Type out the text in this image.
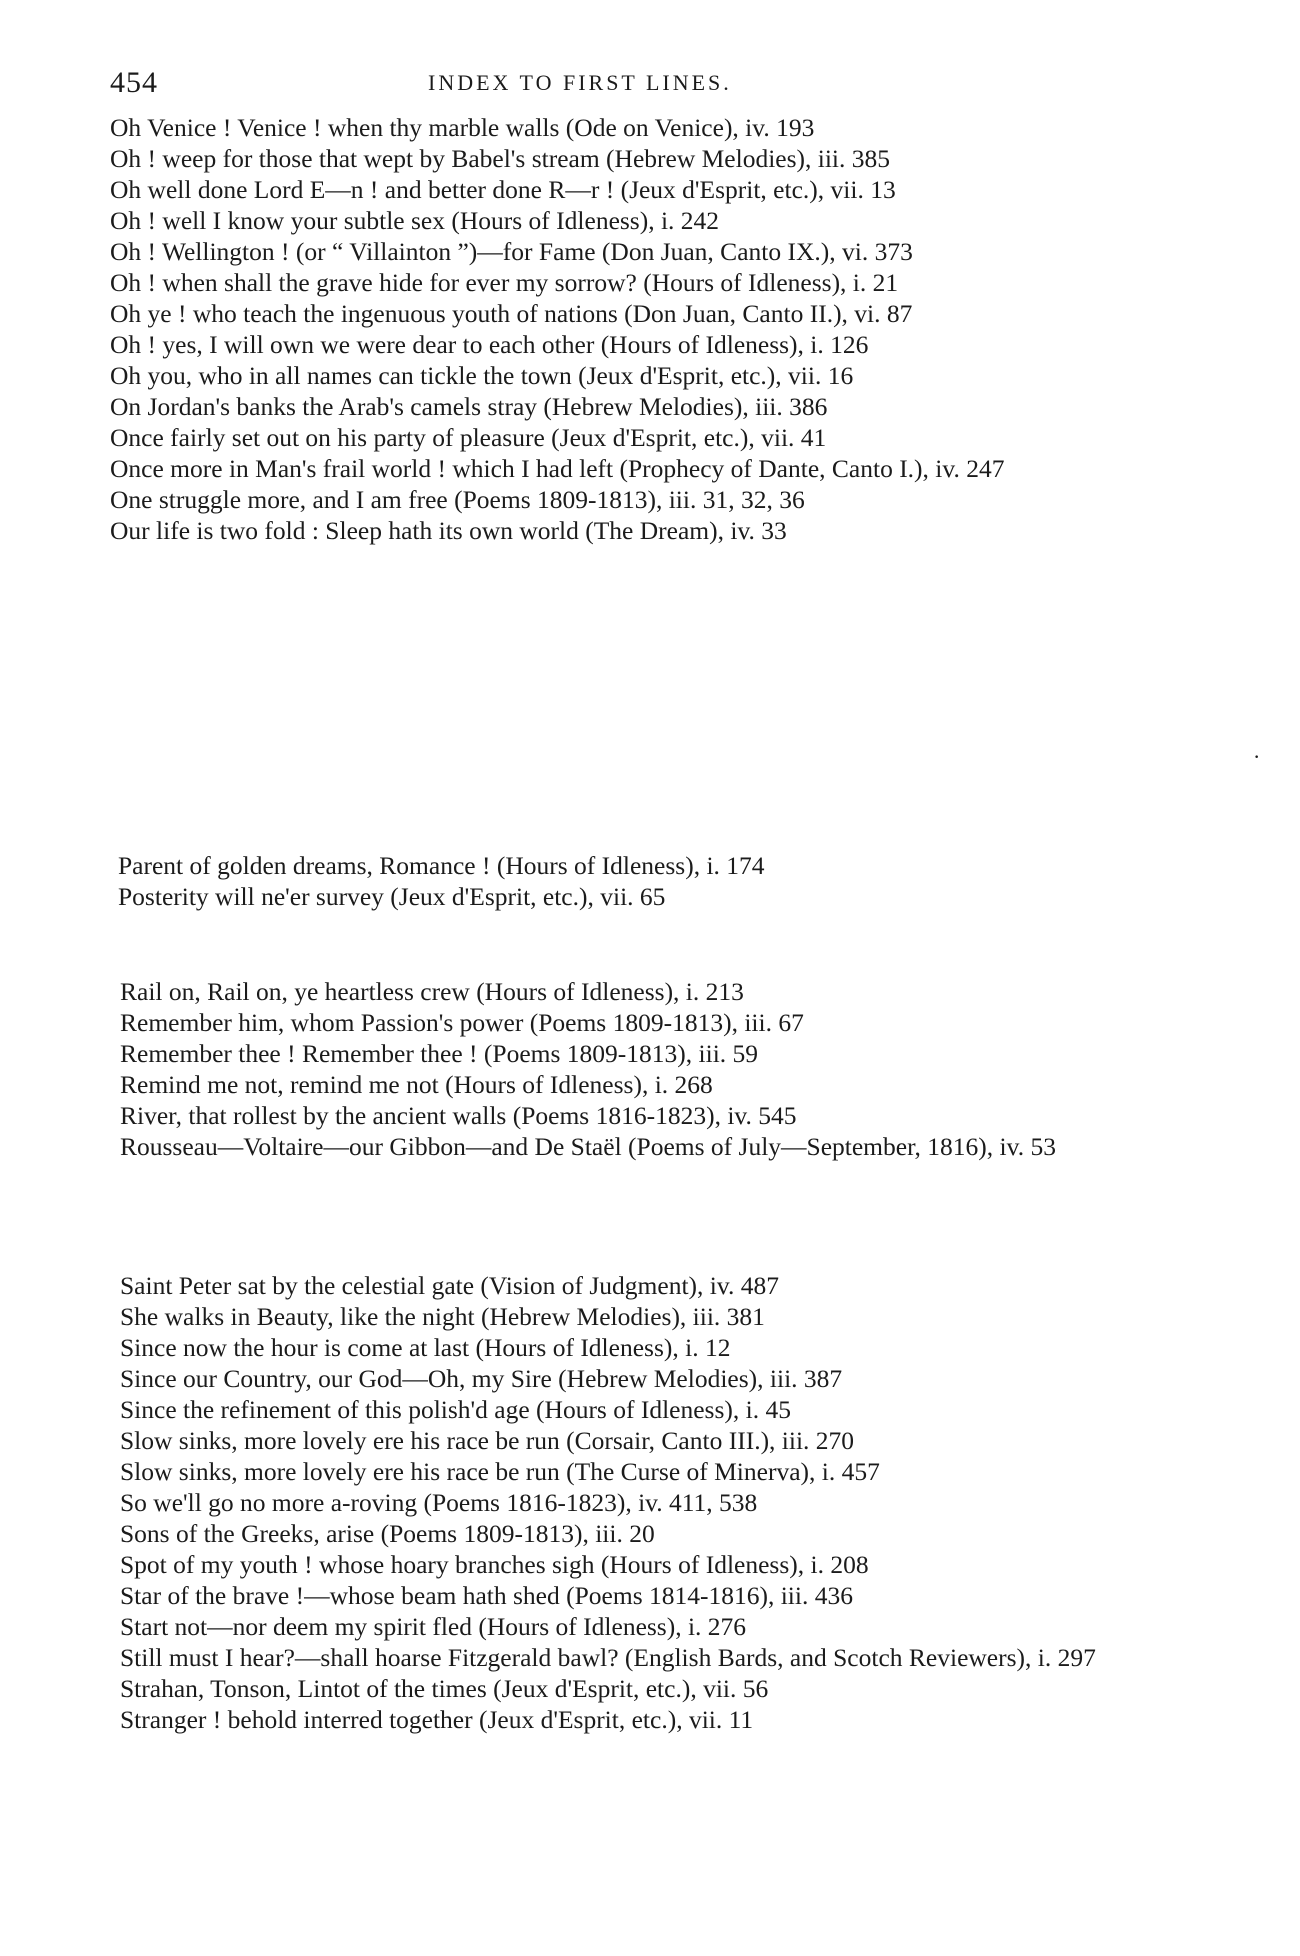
454	INDEX TO FIRST LINES.
Oh Venice ! Venice ! when thy marble walls (Ode on Venice), iv. 193
Oh ! weep for those that wept by Babel's stream (Hebrew Melodies), iii. 385
Oh well done Lord E—n ! and better done R—r ! (Jeux d'Esprit, etc.), vii. 13
Oh ! well I know your subtle sex (Hours of Idleness), i. 242
Oh ! Wellington ! (or “ Villainton ”)—for Fame (Don Juan, Canto IX.), vi. 373
Oh ! when shall the grave hide for ever my sorrow? (Hours of Idleness), i. 21
Oh ye ! who teach the ingenuous youth of nations (Don Juan, Canto II.), vi. 87
Oh ! yes, I will own we were dear to each other (Hours of Idleness), i. 126
Oh you, who in all names can tickle the town (Jeux d'Esprit, etc.), vii. 16
On Jordan's banks the Arab's camels stray (Hebrew Melodies), iii. 386
Once fairly set out on his party of pleasure (Jeux d'Esprit, etc.), vii. 41
Once more in Man's frail world ! which I had left (Prophecy of Dante, Canto I.), iv. 247
One struggle more, and I am free (Poems 1809-1813), iii. 31, 32, 36
Our life is two fold : Sleep hath its own world (The Dream), iv. 33
Parent of golden dreams, Romance ! (Hours of Idleness), i. 174
Posterity will ne'er survey (Jeux d'Esprit, etc.), vii. 65
Rail on, Rail on, ye heartless crew (Hours of Idleness), i. 213
Remember him, whom Passion's power (Poems 1809-1813), iii. 67
Remember thee ! Remember thee ! (Poems 1809-1813), iii. 59
Remind me not, remind me not (Hours of Idleness), i. 268
River, that rollest by the ancient walls (Poems 1816-1823), iv. 545
Rousseau—Voltaire—our Gibbon—and De Staël (Poems of July—September, 1816), iv. 53
Saint Peter sat by the celestial gate (Vision of Judgment), iv. 487
She walks in Beauty, like the night (Hebrew Melodies), iii. 381
Since now the hour is come at last (Hours of Idleness), i. 12
Since our Country, our God—Oh, my Sire (Hebrew Melodies), iii. 387
Since the refinement of this polish'd age (Hours of Idleness), i. 45
Slow sinks, more lovely ere his race be run (Corsair, Canto III.), iii. 270
Slow sinks, more lovely ere his race be run (The Curse of Minerva), i. 457
So we'll go no more a-roving (Poems 1816-1823), iv. 411, 538
Sons of the Greeks, arise (Poems 1809-1813), iii. 20
Spot of my youth ! whose hoary branches sigh (Hours of Idleness), i. 208
Star of the brave !—whose beam hath shed (Poems 1814-1816), iii. 436
Start not—nor deem my spirit fled (Hours of Idleness), i. 276
Still must I hear?—shall hoarse Fitzgerald bawl? (English Bards, and Scotch Reviewers), i. 297
Strahan, Tonson, Lintot of the times (Jeux d'Esprit, etc.), vii. 56
Stranger ! behold interred together (Jeux d'Esprit, etc.), vii. 11
·
